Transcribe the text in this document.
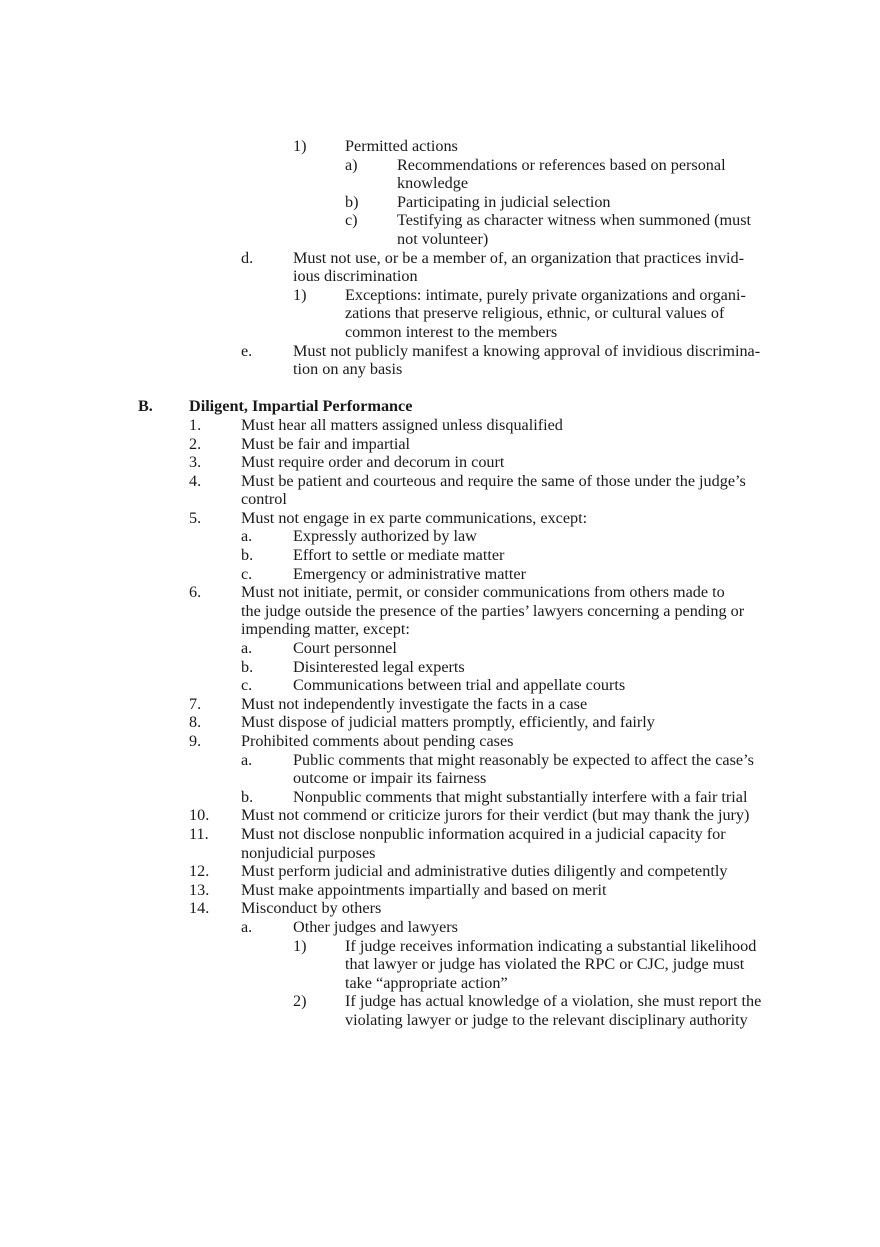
1) Permitted actions
a) Recommendations or references based on personal
knowledge
b) Participating in judicial selection
c) Testifying as character witness when summoned (must
not volunteer)
d. Must not use, or be a member of, an organization that practices invid-
ious discrimination
1) Exceptions: intimate, purely private organizations and organi-
zations that preserve religious, ethnic, or cultural values of
common interest to the members
e.	Must not publicly manifest a knowing approval of invidious discrimina-
tion on any basis
B. Diligent, Impartial Performance
1. Must hear all matters assigned unless disqualified
2. Must be fair and impartial
3. Must require order and decorum in court
4. Must be patient and courteous and require the same of those under the judge’s
control
5. Must not engage in ex parte communications, except:
a.	Expressly authorized by law
b. Effort to settle or mediate matter
c.	Emergency or administrative matter
6. Must not initiate, permit, or consider communications from others made to
the judge outside the presence of the parties’ lawyers concerning a pending or
impending matter, except:
a.	Court personnel
b. Disinterested legal experts
c.	Communications between trial and appellate courts
7. Must not independently investigate the facts in a case
8. Must dispose of judicial matters promptly, efficiently, and fairly
9. Prohibited comments about pending cases
a.	Public comments that might reasonably be expected to affect the case’s
outcome or impair its fairness
b. Nonpublic comments that might substantially interfere with a fair trial
10. Must not commend or criticize jurors for their verdict (but may thank the jury)
11. Must not disclose nonpublic information acquired in a judicial capacity for
nonjudicial purposes
12. Must perform judicial and administrative duties diligently and competently
13. Must make appointments impartially and based on merit
14. Misconduct by others
a.	Other judges and lawyers
1) If judge receives information indicating a substantial likelihood
that lawyer or judge has violated the RPC or CJC, judge must
take “appropriate action”
2) If judge has actual knowledge of a violation, she must report the
violating lawyer or judge to the relevant disciplinary authority
